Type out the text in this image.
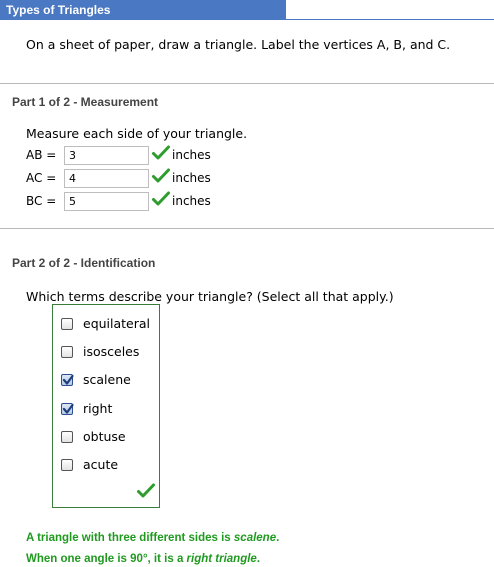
Types of Triangles
On a sheet of paper, draw a triangle. Label the vertices A, B, and C.
Part 1 of 2 - Measurement
Measure each side of your triangle.
AB =
3	inches
AC =
4	inches
BC =
5	inches
Part 2 of 2 - Identification
Which terms describe your triangle? (Select all that apply.)
equilateral
isosceles
scalene
right
obtuse
acute
A triangle with three different sides is scalene.
When one angle is 90°, it is a right triangle.
